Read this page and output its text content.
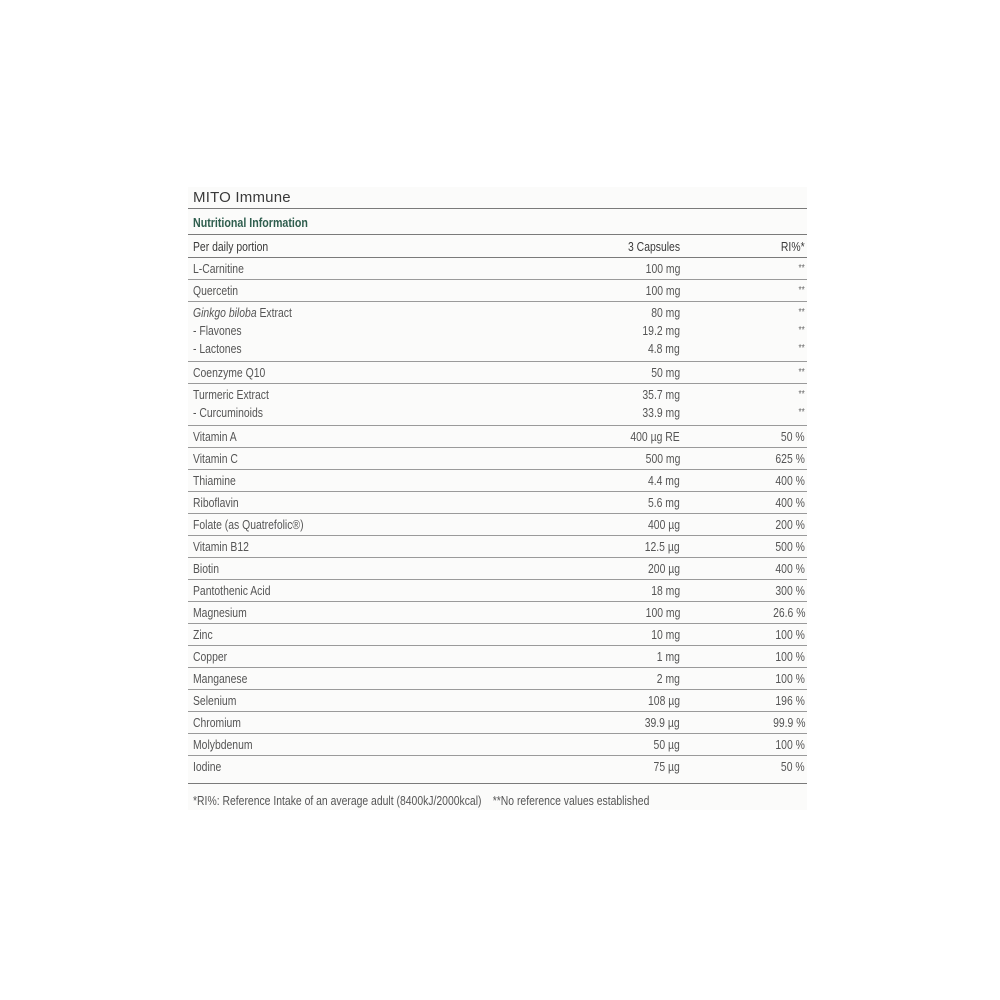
MITO Immune
Nutritional Information
Per daily portion	3 Capsules	RI%*
L-Carnitine	100 mg	**
Quercetin	100 mg	**
Ginkgo biloba Extract	80 mg	**
- Flavones	19.2 mg	**
- Lactones	4.8 mg	**
Coenzyme Q10	50 mg	**
Turmeric Extract	35.7 mg	**
- Curcuminoids	33.9 mg	**
Vitamin A	400 µg RE	50 %
Vitamin C	500 mg	625 %
Thiamine	4.4 mg	400 %
Riboflavin	5.6 mg	400 %
Folate (as Quatrefolic®)	400 µg	200 %
Vitamin B12	12.5 µg	500 %
Biotin	200 µg	400 %
Pantothenic Acid	18 mg	300 %
Magnesium	100 mg	26.6 %
Zinc	10 mg	100 %
Copper	1 mg	100 %
Manganese	2 mg	100 %
Selenium	108 µg	196 %
Chromium	39.9 µg	99.9 %
Molybdenum	50 µg	100 %
Iodine	75 µg	50 %
*RI%: Reference Intake of an average adult (8400kJ/2000kcal) **No reference values established
